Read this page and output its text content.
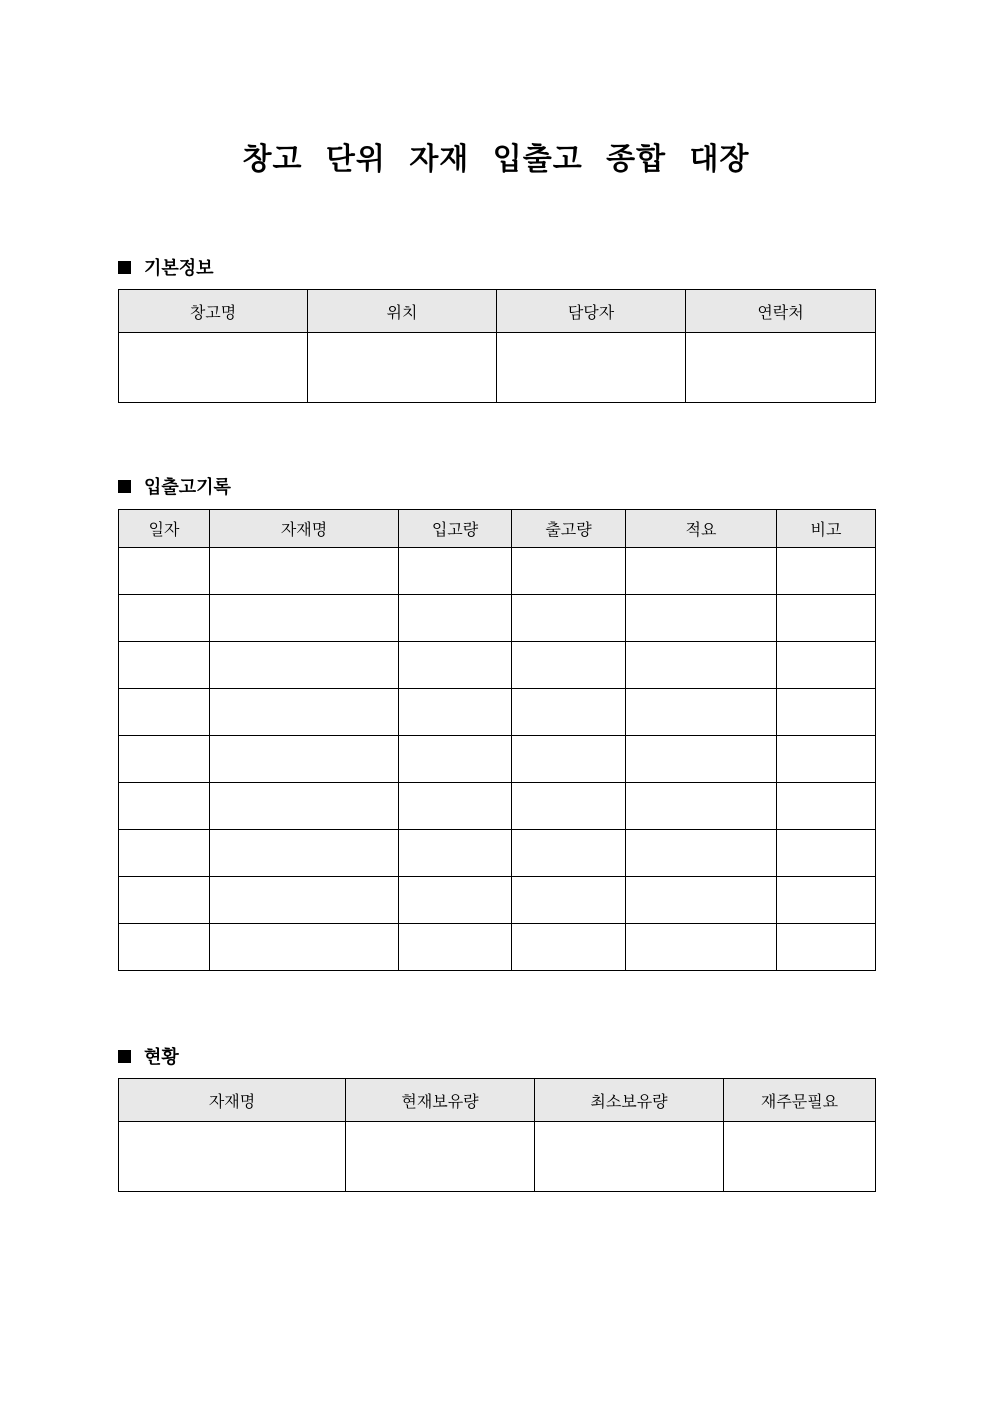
창고 단위 자재 입출고 종합 대장
기본정보
창고명	위치	담당자	연락처

입출고기록
일자	자재명	입고량	출고량	적요	비고

현황
자재명	현재보유량	최소보유량	재주문필요
